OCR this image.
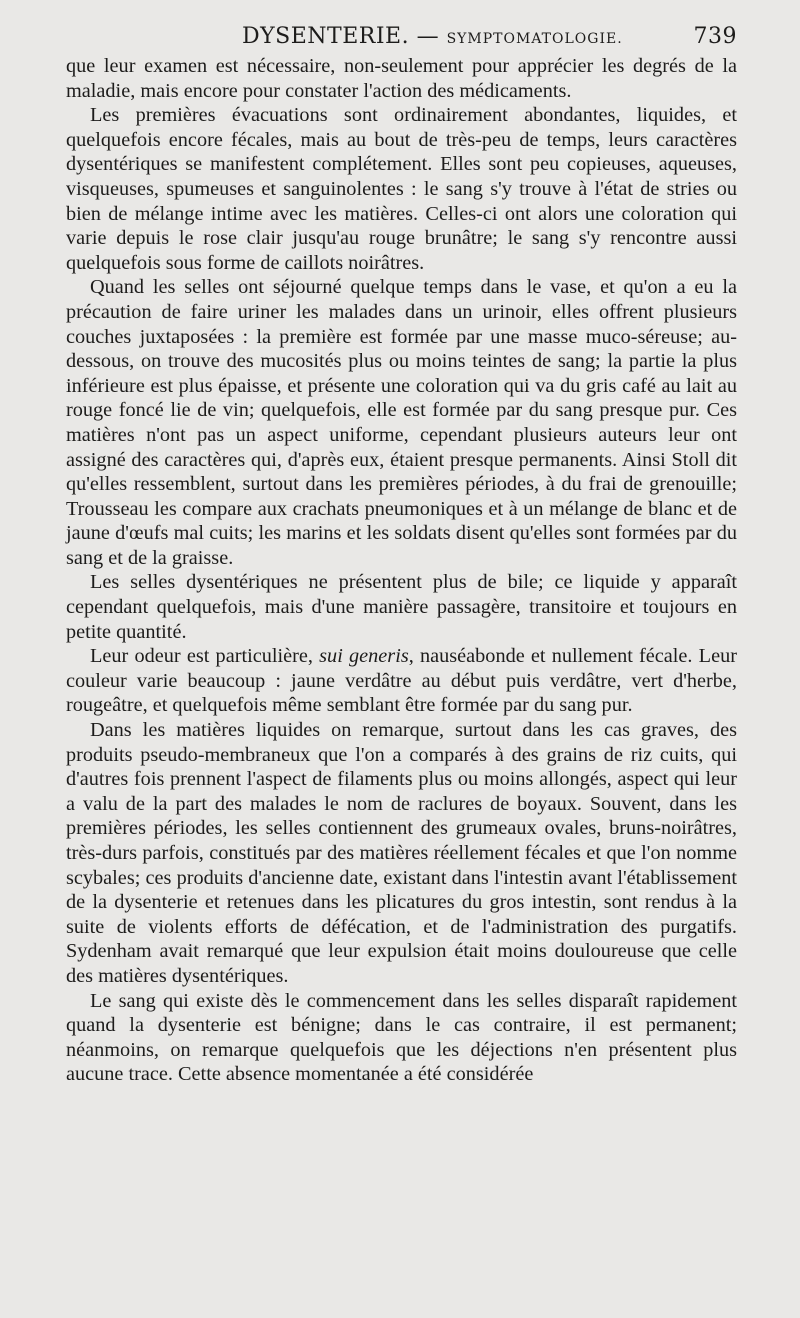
DYSENTERIE. — SYMPTOMATOLOGIE.	739

que leur examen est nécessaire, non-seulement pour apprécier les degrés de la maladie, mais encore pour constater l'action des médicaments.

Les premières évacuations sont ordinairement abondantes, liquides, et quelquefois encore fécales, mais au bout de très-peu de temps, leurs caractères dysentériques se manifestent complétement. Elles sont peu copieuses, aqueuses, visqueuses, spumeuses et sanguinolentes : le sang s'y trouve à l'état de stries ou bien de mélange intime avec les matières. Celles-ci ont alors une coloration qui varie depuis le rose clair jusqu'au rouge brunâtre; le sang s'y rencontre aussi quelquefois sous forme de caillots noirâtres.

Quand les selles ont séjourné quelque temps dans le vase, et qu'on a eu la précaution de faire uriner les malades dans un urinoir, elles offrent plusieurs couches juxtaposées : la première est formée par une masse muco-séreuse; au-dessous, on trouve des mucosités plus ou moins teintes de sang; la partie la plus inférieure est plus épaisse, et présente une coloration qui va du gris café au lait au rouge foncé lie de vin; quelquefois, elle est formée par du sang presque pur. Ces matières n'ont pas un aspect uniforme, cependant plusieurs auteurs leur ont assigné des caractères qui, d'après eux, étaient presque permanents. Ainsi Stoll dit qu'elles ressemblent, surtout dans les premières périodes, à du frai de grenouille; Trousseau les compare aux crachats pneumoniques et à un mélange de blanc et de jaune d'œufs mal cuits; les marins et les soldats disent qu'elles sont formées par du sang et de la graisse.

Les selles dysentériques ne présentent plus de bile; ce liquide y apparaît cependant quelquefois, mais d'une manière passagère, transitoire et toujours en petite quantité.

Leur odeur est particulière, sui generis, nauséabonde et nullement fécale. Leur couleur varie beaucoup : jaune verdâtre au début puis verdâtre, vert d'herbe, rougeâtre, et quelquefois même semblant être formée par du sang pur.

Dans les matières liquides on remarque, surtout dans les cas graves, des produits pseudo-membraneux que l'on a comparés à des grains de riz cuits, qui d'autres fois prennent l'aspect de filaments plus ou moins allongés, aspect qui leur a valu de la part des malades le nom de raclures de boyaux. Souvent, dans les premières périodes, les selles contiennent des grumeaux ovales, bruns-noirâtres, très-durs parfois, constitués par des matières réellement fécales et que l'on nomme scybales; ces produits d'ancienne date, existant dans l'intestin avant l'établissement de la dysenterie et retenues dans les plicatures du gros intestin, sont rendus à la suite de violents efforts de défécation, et de l'administration des purgatifs. Sydenham avait remarqué que leur expulsion était moins douloureuse que celle des matières dysentériques.

Le sang qui existe dès le commencement dans les selles disparaît rapidement quand la dysenterie est bénigne; dans le cas contraire, il est permanent; néanmoins, on remarque quelquefois que les déjections n'en présentent plus aucune trace. Cette absence momentanée a été considérée
